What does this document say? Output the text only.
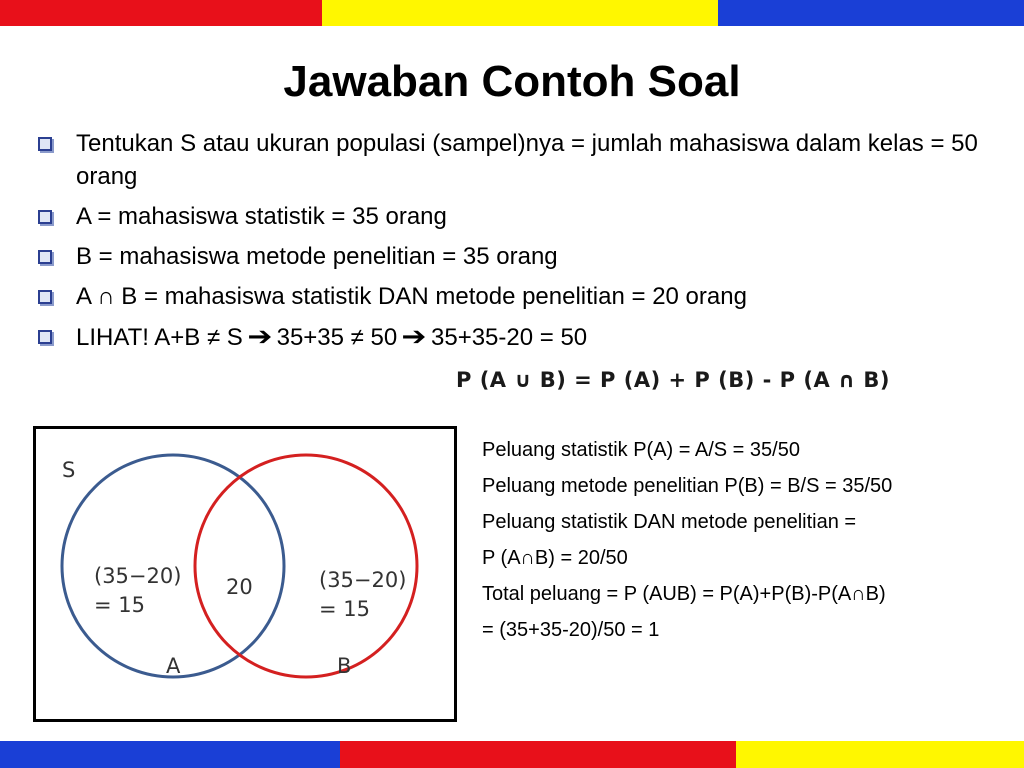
Jawaban Contoh Soal
Tentukan S atau ukuran populasi (sampel)nya = jumlah mahasiswa dalam kelas = 50 orang
A = mahasiswa statistik = 35 orang
B = mahasiswa metode penelitian = 35 orang
A ∩ B = mahasiswa statistik DAN metode penelitian = 20 orang
LIHAT! A+B ≠ S ➔ 35+35 ≠ 50 ➔ 35+35-20 = 50
P (A ∪ B) = P (A) + P (B) - P (A ∩ B)
S
(35−20)
= 15
20	(35−20)
= 15
A	B
Peluang statistik P(A) = A/S = 35/50
Peluang metode penelitian P(B) = B/S = 35/50
Peluang statistik DAN metode penelitian =
P (A∩B) = 20/50
Total peluang = P (AUB) = P(A)+P(B)-P(A∩B)
= (35+35-20)/50 = 1
